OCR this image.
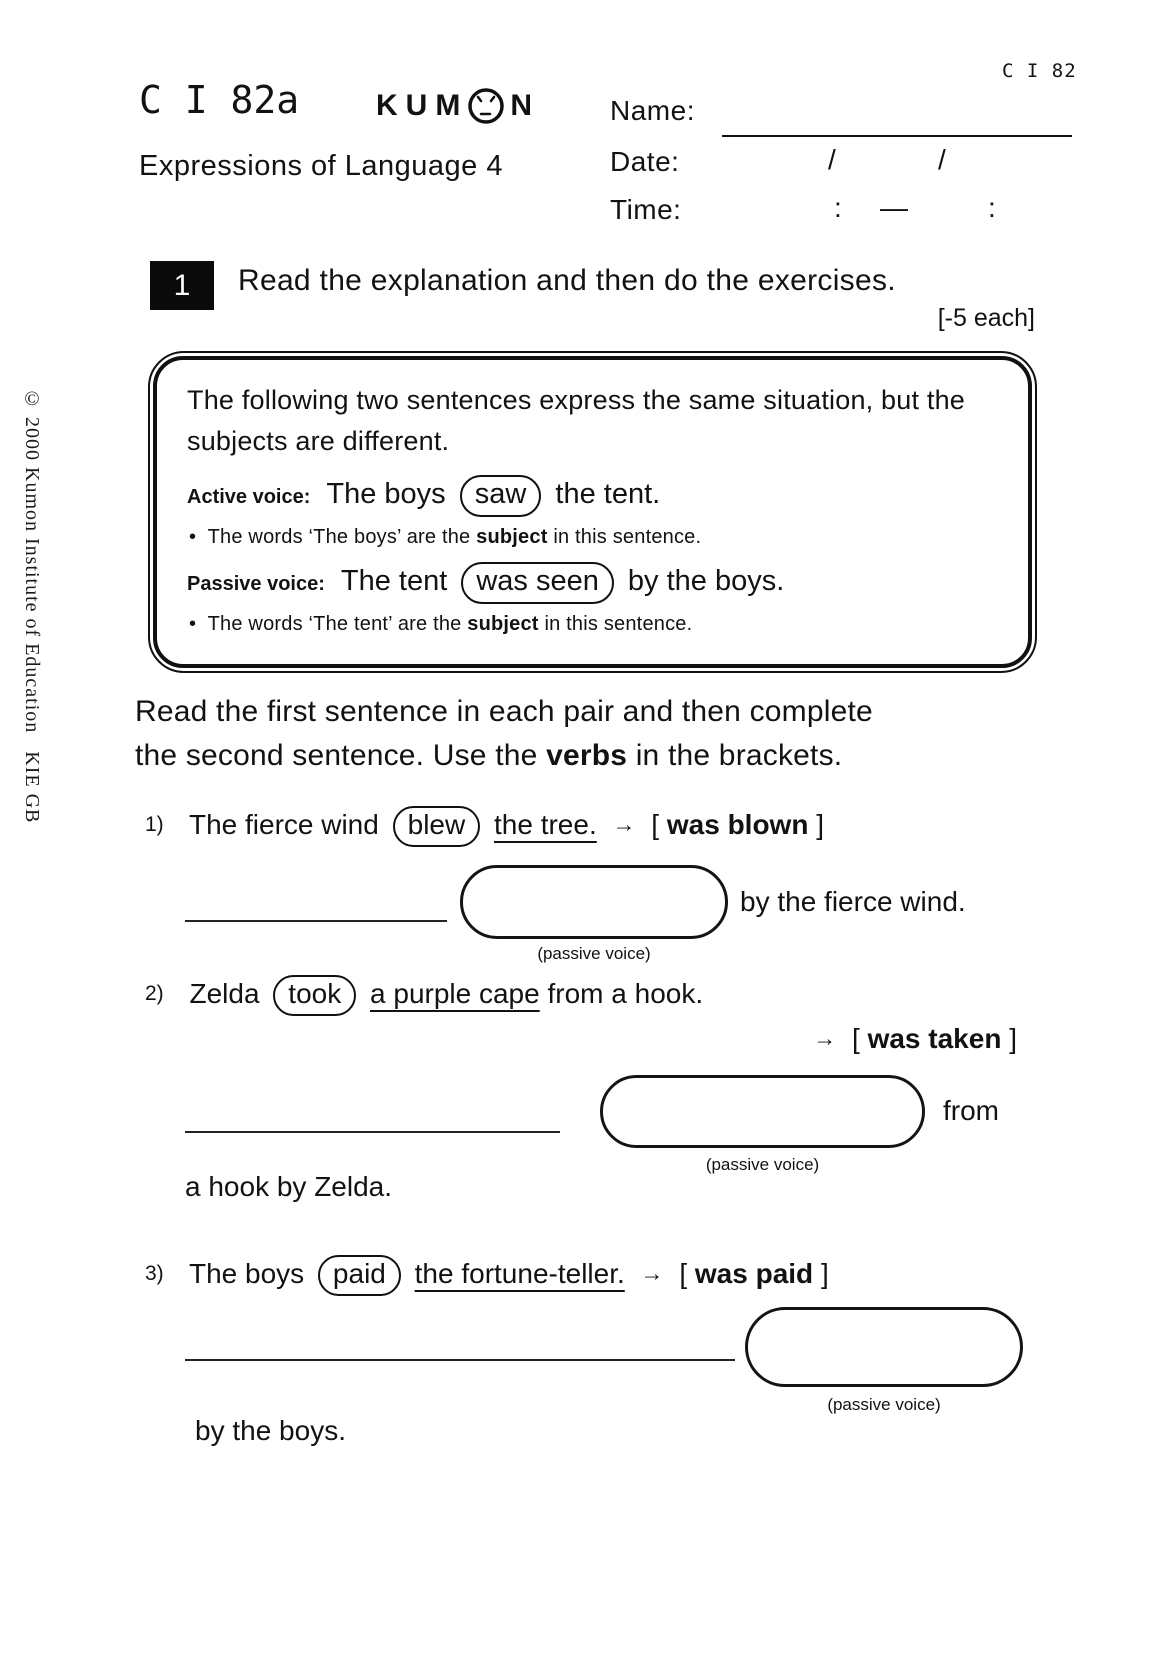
C I 82
C I 82a	KUM N
Expressions of Language 4
Name:
Date:	/	/
Time:	: —	:
© 2000 Kumon Institute of Education   KIE GB
1 Read the explanation and then do the exercises.
[-5 each]

The following two sentences express the same situation, but the subjects are different.

Active voice: The boys saw the tent.

• The words ‘The boys’ are the subject in this sentence.

Passive voice: The tent was seen by the boys.

• The words ‘The tent’ are the subject in this sentence.

Read the first sentence in each pair and then complete
the second sentence. Use the verbs in the brackets.
1) The fierce wind blew the tree. → [ was blown ]
by the fierce wind.
(passive voice)
2) Zelda took a purple cape from a hook.
→ [ was taken ]
from
(passive voice)
a hook by Zelda.
3) The boys paid the fortune-teller. → [ was paid ]
(passive voice)
by the boys.
